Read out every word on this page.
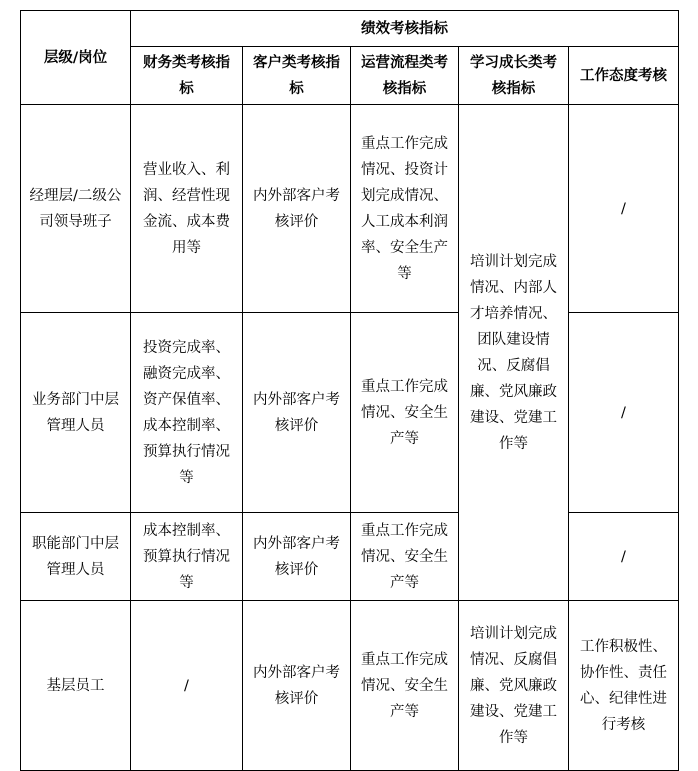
层级/岗位	绩效考核指标				
	财务类考核指标	客户类考核指标	运营流程类考核指标	学习成长类考核指标	工作态度考核
经理层/二级公司领导班子	营业收入、利润、经营性现金流、成本费用等	内外部客户考核评价	重点工作完成情况、投资计划完成情况、人工成本利润率、安全生产等	培训计划完成情况、内部人才培养情况、团队建设情况、反腐倡廉、党风廉政建设、党建工作等	/
业务部门中层管理人员	投资完成率、融资完成率、资产保值率、成本控制率、预算执行情况等	内外部客户考核评价	重点工作完成情况、安全生产等		/
职能部门中层管理人员	成本控制率、预算执行情况等	内外部客户考核评价	重点工作完成情况、安全生产等		/
基层员工	/	内外部客户考核评价	重点工作完成情况、安全生产等	培训计划完成情况、反腐倡廉、党风廉政建设、党建工作等	工作积极性、协作性、责任心、纪律性进行考核
